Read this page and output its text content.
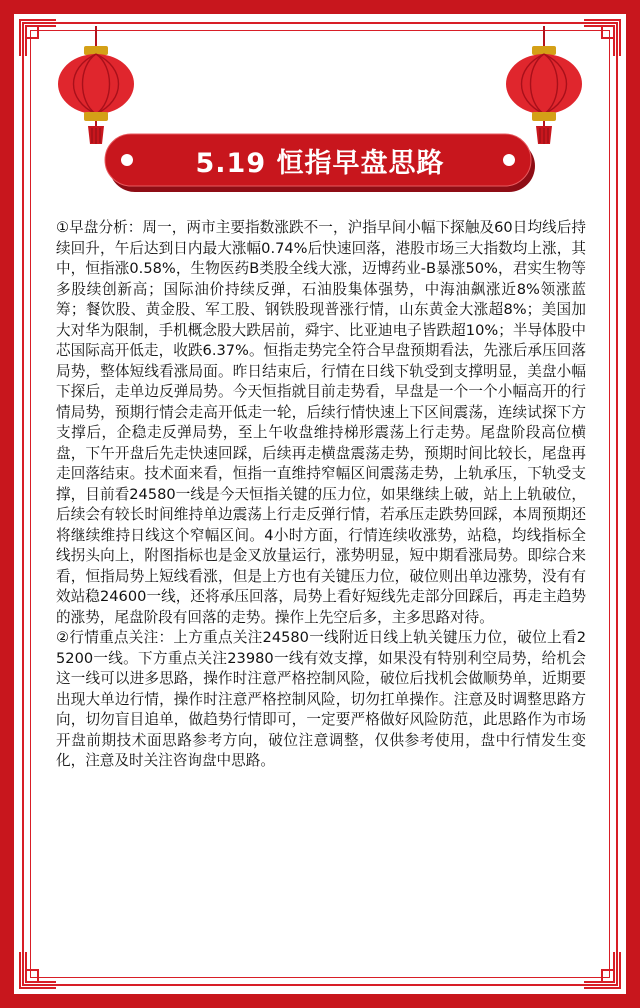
5.19 恒指早盘思路

①早盘分析：周一，两市主要指数涨跌不一，沪指早间小幅下探触及60日均线后持续回升，午后达到日内最大涨幅0.74%后快速回落，港股市场三大指数均上涨，其中，恒指涨0.58%，生物医药B类股全线大涨，迈博药业-B暴涨50%，君实生物等多股续创新高；国际油价持续反弹，石油股集体强势，中海油飙涨近8%领涨蓝筹；餐饮股、黄金股、军工股、钢铁股现普涨行情，山东黄金大涨超8%；美国加大对华为限制，手机概念股大跌居前，舜宇、比亚迪电子皆跌超10%；半导体股中芯国际高开低走，收跌6.37%。恒指走势完全符合早盘预期看法，先涨后承压回落局势，整体短线看涨局面。昨日结束后，行情在日线下轨受到支撑明显，美盘小幅下探后，走单边反弹局势。今天恒指就目前走势看，早盘是一个一个小幅高开的行情局势，预期行情会走高开低走一轮，后续行情快速上下区间震荡，连续试探下方支撑后，企稳走反弹局势，至上午收盘维持梯形震荡上行走势。尾盘阶段高位横盘，下午开盘后先走快速回踩，后续再走横盘震荡走势，预期时间比较长，尾盘再走回落结束。技术面来看，恒指一直维持窄幅区间震荡走势，上轨承压，下轨受支撑，目前看24580一线是今天恒指关键的压力位，如果继续上破，站上上轨破位，后续会有较长时间维持单边震荡上行走反弹行情，若承压走跌势回踩，本周预期还将继续维持日线这个窄幅区间。4小时方面，行情连续收涨势，站稳，均线指标全线拐头向上，附图指标也是金叉放量运行，涨势明显，短中期看涨局势。即综合来看，恒指局势上短线看涨，但是上方也有关键压力位，破位则出单边涨势，没有有效站稳24600一线，还将承压回落，局势上看好短线先走部分回踩后，再走主趋势的涨势，尾盘阶段有回落的走势。操作上先空后多，主多思路对待。

②行情重点关注：上方重点关注24580一线附近日线上轨关键压力位，破位上看25200一线。下方重点关注23980一线有效支撑，如果没有特别利空局势，给机会这一线可以进多思路，操作时注意严格控制风险，破位后找机会做顺势单，近期要出现大单边行情，操作时注意严格控制风险，切勿扛单操作。注意及时调整思路方向，切勿盲目追单，做趋势行情即可，一定要严格做好风险防范，此思路作为市场开盘前期技术面思路参考方向，破位注意调整，仅供参考使用，盘中行情发生变化，注意及时关注咨询盘中思路。
